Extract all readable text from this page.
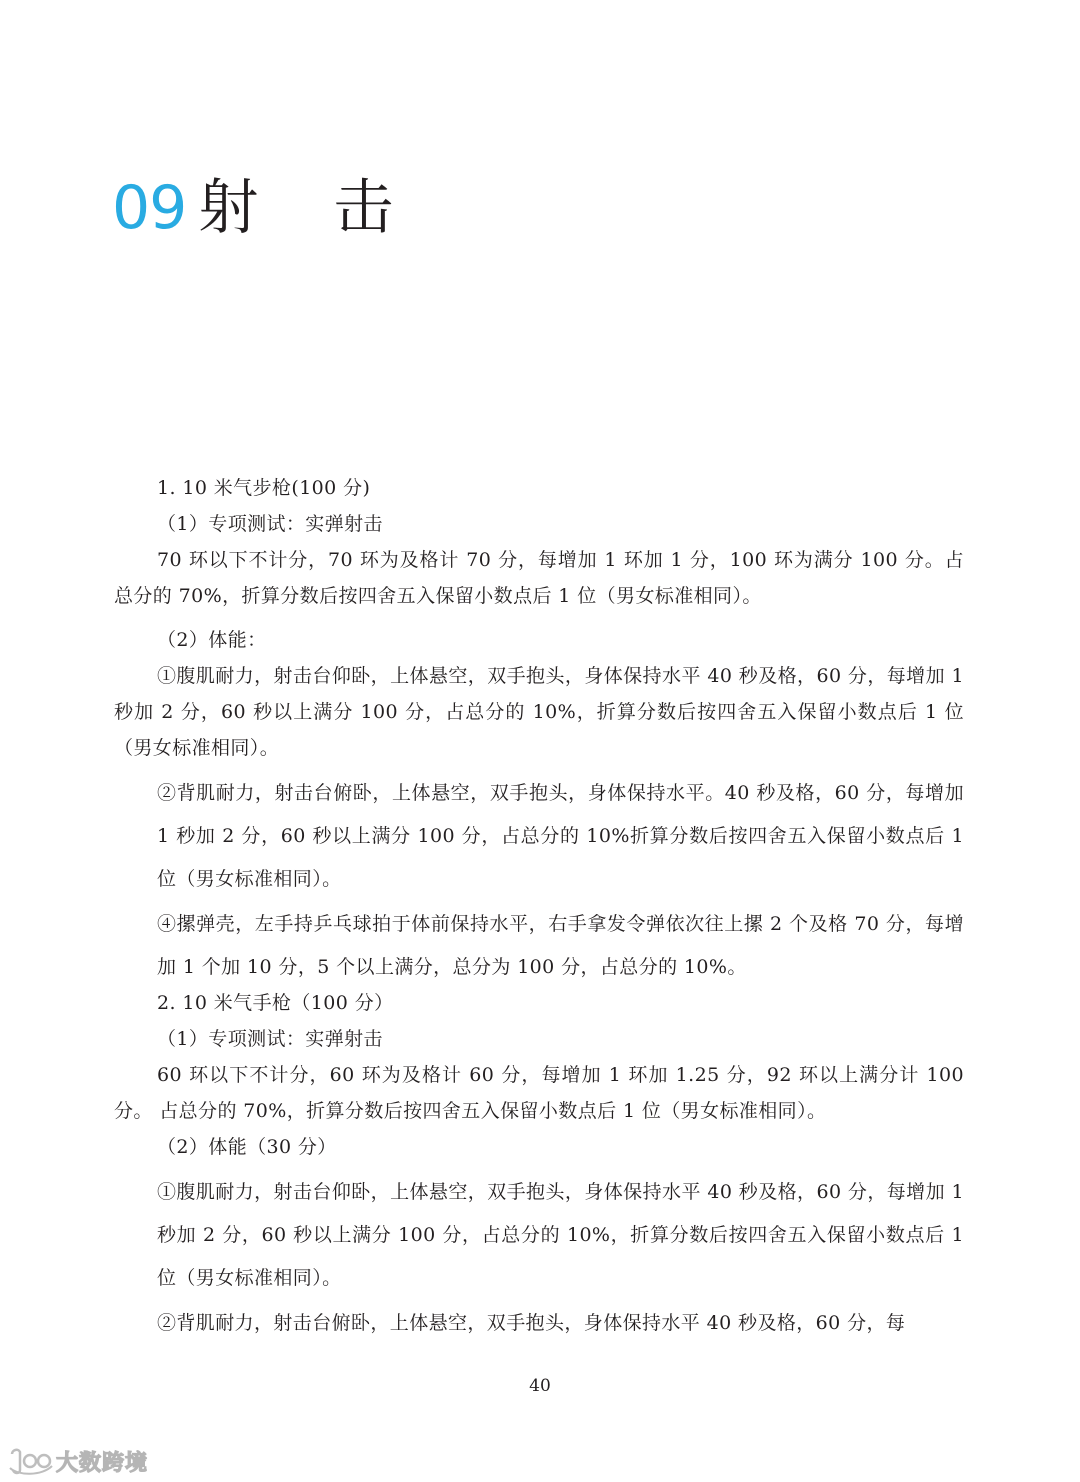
09 射 击
1. 10 米气步枪(100 分)
（1）专项测试：实弹射击
70 环以下不计分，70 环为及格计 70 分，每增加 1 环加 1 分，100 环为满分 100 分。占总分的 70%，折算分数后按四舍五入保留小数点后 1 位（男女标准相同）。
（2）体能：
①腹肌耐力，射击台仰卧，上体悬空，双手抱头，身体保持水平 40 秒及格，60 分，每增加 1 秒加 2 分，60 秒以上满分 100 分，占总分的 10%，折算分数后按四舍五入保留小数点后 1 位（男女标准相同）。
②背肌耐力，射击台俯卧，上体悬空，双手抱头，身体保持水平。40 秒及格，60 分，每增加 1 秒加 2 分，60 秒以上满分 100 分，占总分的 10%折算分数后按四舍五入保留小数点后 1 位（男女标准相同）。
④摞弹壳，左手持乒乓球拍于体前保持水平，右手拿发令弹依次往上摞 2 个及格 70 分，每增加 1 个加 10 分，5 个以上满分，总分为 100 分，占总分的 10%。
2. 10 米气手枪（100 分）
（1）专项测试：实弹射击
60 环以下不计分，60 环为及格计 60 分，每增加 1 环加 1.25 分，92 环以上满分计 100 分。 占总分的 70%，折算分数后按四舍五入保留小数点后 1 位（男女标准相同）。
（2）体能（30 分）
①腹肌耐力，射击台仰卧，上体悬空，双手抱头，身体保持水平 40 秒及格，60 分，每增加 1 秒加 2 分，60 秒以上满分 100 分，占总分的 10%，折算分数后按四舍五入保留小数点后 1 位（男女标准相同）。
②背肌耐力，射击台俯卧，上体悬空，双手抱头，身体保持水平 40 秒及格，60 分，每
40
大数跨境
